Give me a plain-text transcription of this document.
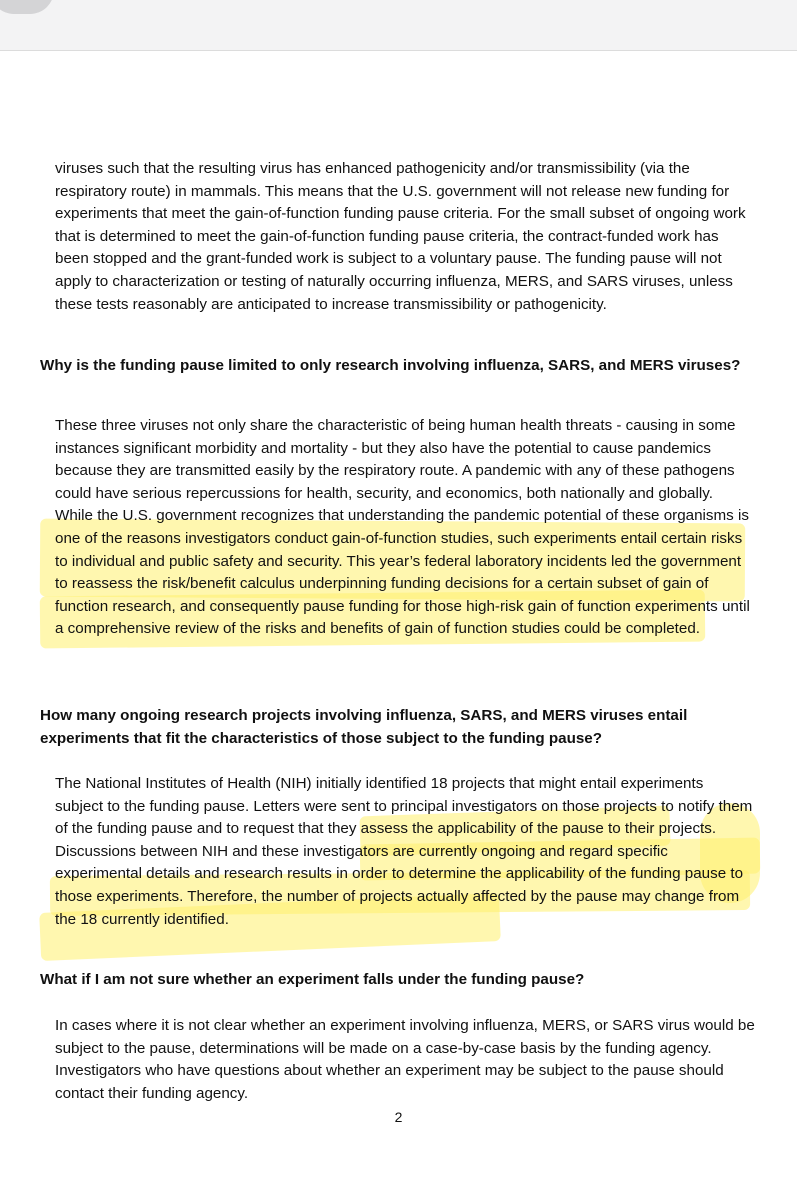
viruses such that the resulting virus has enhanced pathogenicity and/or transmissibility (via the respiratory route) in mammals. This means that the U.S. government will not release new funding for experiments that meet the gain-of-function funding pause criteria. For the small subset of ongoing work that is determined to meet the gain-of-function funding pause criteria, the contract-funded work has been stopped and the grant-funded work is subject to a voluntary pause. The funding pause will not apply to characterization or testing of naturally occurring influenza, MERS, and SARS viruses, unless these tests reasonably are anticipated to increase transmissibility or pathogenicity.

Why is the funding pause limited to only research involving influenza, SARS, and MERS viruses?

These three viruses not only share the characteristic of being human health threats - causing in some instances significant morbidity and mortality - but they also have the potential to cause pandemics because they are transmitted easily by the respiratory route. A pandemic with any of these pathogens could have serious repercussions for health, security, and economics, both nationally and globally. While the U.S. government recognizes that understanding the pandemic potential of these organisms is one of the reasons investigators conduct gain-of-function studies, such experiments entail certain risks to individual and public safety and security. This year’s federal laboratory incidents led the government to reassess the risk/benefit calculus underpinning funding decisions for a certain subset of gain of function research, and consequently pause funding for those high-risk gain of function experiments until a comprehensive review of the risks and benefits of gain of function studies could be completed.

How many ongoing research projects involving influenza, SARS, and MERS viruses entail experiments that fit the characteristics of those subject to the funding pause?

The National Institutes of Health (NIH) initially identified 18 projects that might entail experiments subject to the funding pause. Letters were sent to principal investigators on those projects to notify them of the funding pause and to request that they assess the applicability of the pause to their projects. Discussions between NIH and these investigators are currently ongoing and regard specific experimental details and research results in order to determine the applicability of the funding pause to those experiments. Therefore, the number of projects actually affected by the pause may change from the 18 currently identified.

What if I am not sure whether an experiment falls under the funding pause?

In cases where it is not clear whether an experiment involving influenza, MERS, or SARS virus would be subject to the pause, determinations will be made on a case-by-case basis by the funding agency. Investigators who have questions about whether an experiment may be subject to the pause should contact their funding agency.

2
